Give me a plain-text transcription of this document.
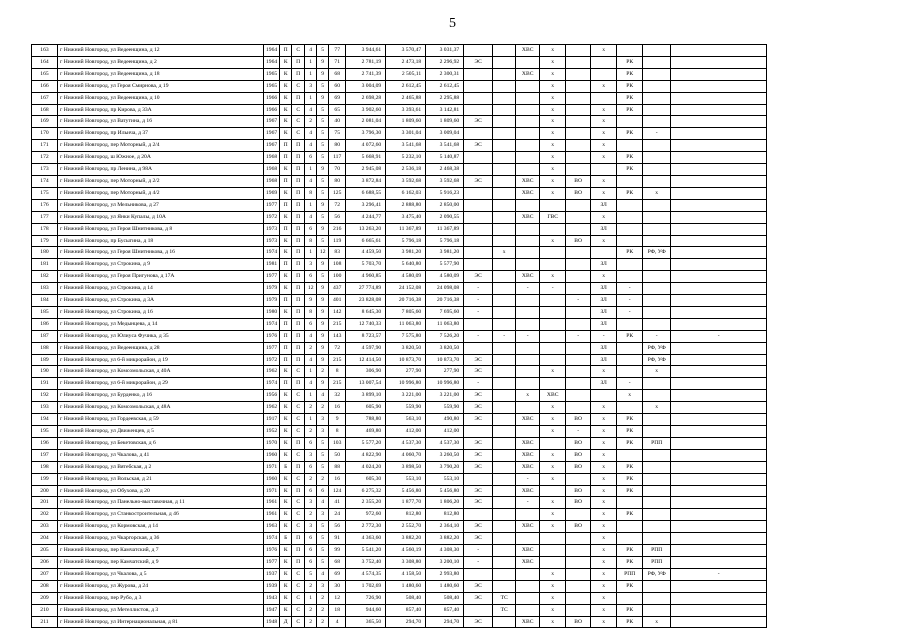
5
163	г Нижний Новгород, ул Ведеенщина, д 12	1964	П	С	4	5	77	3 944,61	3 570,47	3 031,37			ХВС	х		х			
164	г Нижний Новгород, ул Ведеенщина, д 2	1964	К	П	1	9	71	2 781,19	2 473,18	2 296,92	ЭС			х			РК		
165	г Нижний Новгород, ул Ведеенщина, д 18	1965	К	П	1	9	68	2 741,39	2 505,11	2 300,31			ХВС	х			РК		
166	г Нижний Новгород, ул Героя Смирнова, д 19	1965	К	С	3	5	60	3 004,09	2 612,45	2 612,45				х		х	РК		
167	г Нижний Новгород, ул Ведеенщина, д 10	1966	К	П	1	9	69	2 698,28	2 465,88	2 295,88				х			РК		
168	г Нижний Новгород, пр Кирова, д 33А	1966	К	С	4	5	65	3 902,60	3 393,61	3 142,81				х		х	РК		
169	г Нижний Новгород, ул Ватутина, д 16	1967	К	С	2	5	40	2 081,04	1 809,60	1 809,60	ЭС			х		х			
170	г Нижний Новгород, пр Ильича, д 37	1967	К	С	4	5	75	3 796,30	3 301,04	3 009,04				х		х	РК	-	
171	г Нижний Новгород, пер Моторный, д 2/4	1967	П	П	4	5	80	4 072,60	3 541,68	3 541,68	ЭС			х		х			
172	г Нижний Новгород, ш Южное, д 20А	1968	П	П	6	5	117	5 668,91	5 232,10	5 140,87				х		х	РК		
173	г Нижний Новгород, пр Ленина, д 98А	1968	К	П	1	9	70	2 945,08	2 536,18	2 468,38				х			РК		
174	г Нижний Новгород, пер Моторный, д 2/2	1968	П	П	4	5	80	3 872,84	3 592,68	3 592,68	ЭС		ХВС	х	ВО	х			
175	г Нижний Новгород, пер Моторный, д 4/2	1969	К	П	8	5	125	6 688,55	6 162,03	5 916,23			ХВС	х	ВО	х	РК	х	
176	г Нижний Новгород, ул Мельникова, д 27	1977	П	П	1	9	72	3 296,41	2 888,80	2 850,00						ЗЛ			
177	г Нижний Новгород, ул Янки Купалы, д 10А	1972	К	П	4	5	56	4 244,77	3 475,40	2 090,55			ХВС	ГВС		х			
178	г Нижний Новгород, ул Героя Шнитникова, д 8	1973	П	П	6	9	216	13 263,20	11 367,89	11 367,89						ЗЛ			
179	г Нижний Новгород, пр Бусыгина, д 18	1973	К	П	8	5	119	6 665,61	5 796,18	5 796,18				х	ВО	х			
180	г Нижний Новгород, ул Героя Шнитникова, д 16	1974	К	П	1	12	83	4 459,50	3 981,20	3 981,20		х					РК	РФ, УФ	
181	г Нижний Новгород, ул Строкина, д 9	1981	П	П	3	9	108	5 703,70	5 640,80	5 577,90						ЗЛ			
182	г Нижний Новгород, ул Героя Пригунова, д 17А	1977	К	П	6	5	100	4 960,85	4 580,09	4 580,09	ЭС		ХВС	х		х			
183	г Нижний Новгород, ул Строкина, д 14	1979	К	П	12	9	437	27 774,89	24 152,08	24 098,08	-		-	-		ЗЛ	-		
184	г Нижний Новгород, ул Строкина, д 3А	1979	П	П	9	9	401	23 828,08	20 716,38	20 716,38	-				-	ЗЛ	-		
185	г Нижний Новгород, ул Строкина, д 16	1980	К	П	8	9	142	8 645,30	7 805,60	7 695,60	-					ЗЛ	-		
186	г Нижний Новгород, ул Медынцева, д 14	1974	П	П	6	9	215	12 740,33	11 063,80	11 063,80						ЗЛ			
187	г Нижний Новгород, ул Юлиуса Фучика, д 35	1976	П	П	4	9	143	8 723,57	7 575,80	7 526,20	-	-	-		-	-	РК	-	-
188	г Нижний Новгород, ул Ведеенщина, д 28	1977	П	П	2	9	72	4 597,90	3 820,50	3 820,50						ЗЛ		РФ, УФ	
189	г Нижний Новгород, ул 6-й микрорайон, д 19	1972	П	П	4	9	215	12 414,50	10 873,70	10 873,70	ЭС					ЗЛ		РФ, УФ	
190	г Нижний Новгород, ул Комсомольская, д 40А	1962	К	С	1	2	8	306,90	277,90	277,90	ЭС			х		х		х	
191	г Нижний Новгород, ул 6-й микрорайон, д 29	1974	П	П	4	9	215	13 007,54	10 996,80	10 996,80	-					ЗЛ	-		
192	г Нижний Новгород, ул Бурденко, д 16	1956	К	С	1	4	32	3 899,10	3 221,00	3 221,00	ЭС		х	ХВС			х		
193	г Нижний Новгород, ул Комсомольская, д 48А	1962	К	С	2	2	16	605,90	559,90	559,90	ЭС			х		х		х	
194	г Нижний Новгород, ул Гордеевская, д 59	1917	К	С	1	3	9	788,80	563,10	490,80	ЭС		ХВС	х	ВО	х	РК		
195	г Нижний Новгород, ул Движенцев, д 5	1952	К	С	2	3	8	469,80	412,00	412,00				х	-	х	РК		
196	г Нижний Новгород, ул Бекетовская, д 6	1970	К	П	6	5	103	5 577,20	4 537,30	4 537,30	ЭС		ХВС		ВО	х	РК	РПП	
197	г Нижний Новгород, ул Чкалова, д 41	1960	К	С	3	5	50	4 822,90	4 060,70	3 260,50	ЭС		ХВС	х	ВО	х			
198	г Нижний Новгород, ул Вятебская, д 2	1971	Б	П	6	5	88	4 024,20	3 898,50	3 790,20	ЭС		ХВС	х	ВО	х	РК		
199	г Нижний Новгород, ул Вольская, д 21	1960	К	С	2	2	16	605,30	553,10	553,10			-	х		х	РК		
200	г Нижний Новгород, ул Обухова, д 20	1971	К	П	6	6	124	6 275,32	5 456,80	5 456,80	ЭС		ХВС		ВО	х	РК		
201	г Нижний Новгород, ул Панельно-выставочная, д 11	1961	К	С	3	4	41	2 355,20	1 877,70	1 806,20	ЭС		-	х	ВО	х			
202	г Нижний Новгород, ул Станкостроительная, д 46	1961	К	С	2	3	24	972,60	812,80	812,80				х		х	РК		
203	г Нижний Новгород, ул Кормовская, д 14	1963	К	С	3	5	56	2 772,30	2 552,70	2 364,10	ЭС		ХВС	х	ВО	х			
204	г Нижний Новгород, ул Чкаргорская, д 36	1974	Б	П	6	5	91	4 363,60	3 882,20	3 882,20	ЭС					х			
205	г Нижний Новгород, пер Камчатский, д 7	1976	К	П	6	5	99	5 541,20	4 560,19	4 308,30	-		ХВС			х	РК	РПП	
206	г Нижний Новгород, пер Камчатский, д 9	1977	К	П	6	5	68	3 752,40	3 308,80	3 200,10	-		ХВС			х	РК	РПП	
207	г Нижний Новгород, ул Чкалова, д 5	1937	К	С	5	4	69	4 574,35	4 158,50	2 993,80				х		х	РПП	РФ, УФ	-
208	г Нижний Новгород, ул Журова, д 24	1939	К	С	2	3	30	1 702,69	1 480,60	1 480,60	ЭС			х		х	РК		
209	г Нижний Новгород, пер Рубо, д 3	1943	К	С	1	2	12	726,90	508,40	508,40	ЭС	ТС		х		х			
210	г Нижний Новгород, ул Метеллистов, д 3	1947	К	С	2	2	18	944,60	857,40	857,40		ТС		х		х	РК		
211	г Нижний Новгород, ул Интернациональная, д 81	1948	Д	С	2	2	4	365,50	294,70	294,70	ЭС		ХВС	х	ВО	х	РК	х	
